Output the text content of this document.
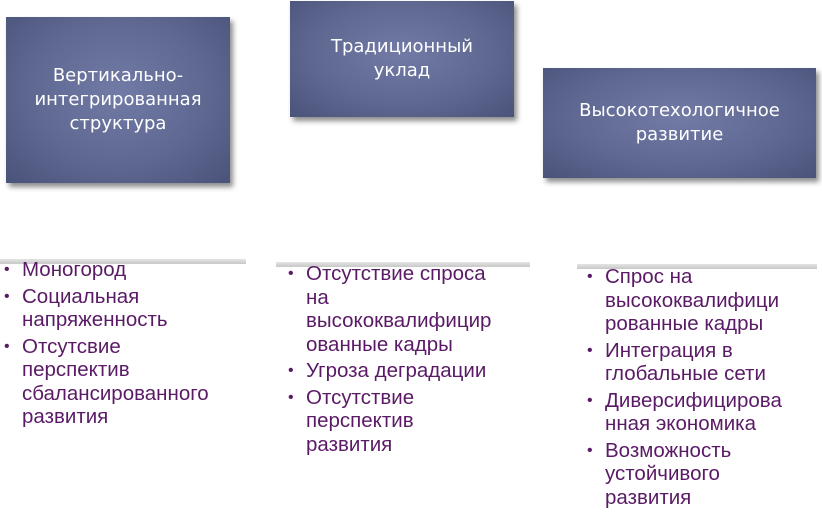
Вертикально-
интегрированная
структура
Традиционный
уклад
Высокотехологичное
развитие
• Моногород
• Социальная
напряженность
• Отсутсвие
перспектив
сбалансированного
развития
• Отсутствие спроса
на
высококвалифицир
ованные кадры
• Угроза деградации
• Отсутствие
перспектив
развития
• Спрос на
высококвалифици
рованные кадры
• Интеграция в
глобальные сети
• Диверсифицирова
нная экономика
• Возможность
устойчивого
развития
